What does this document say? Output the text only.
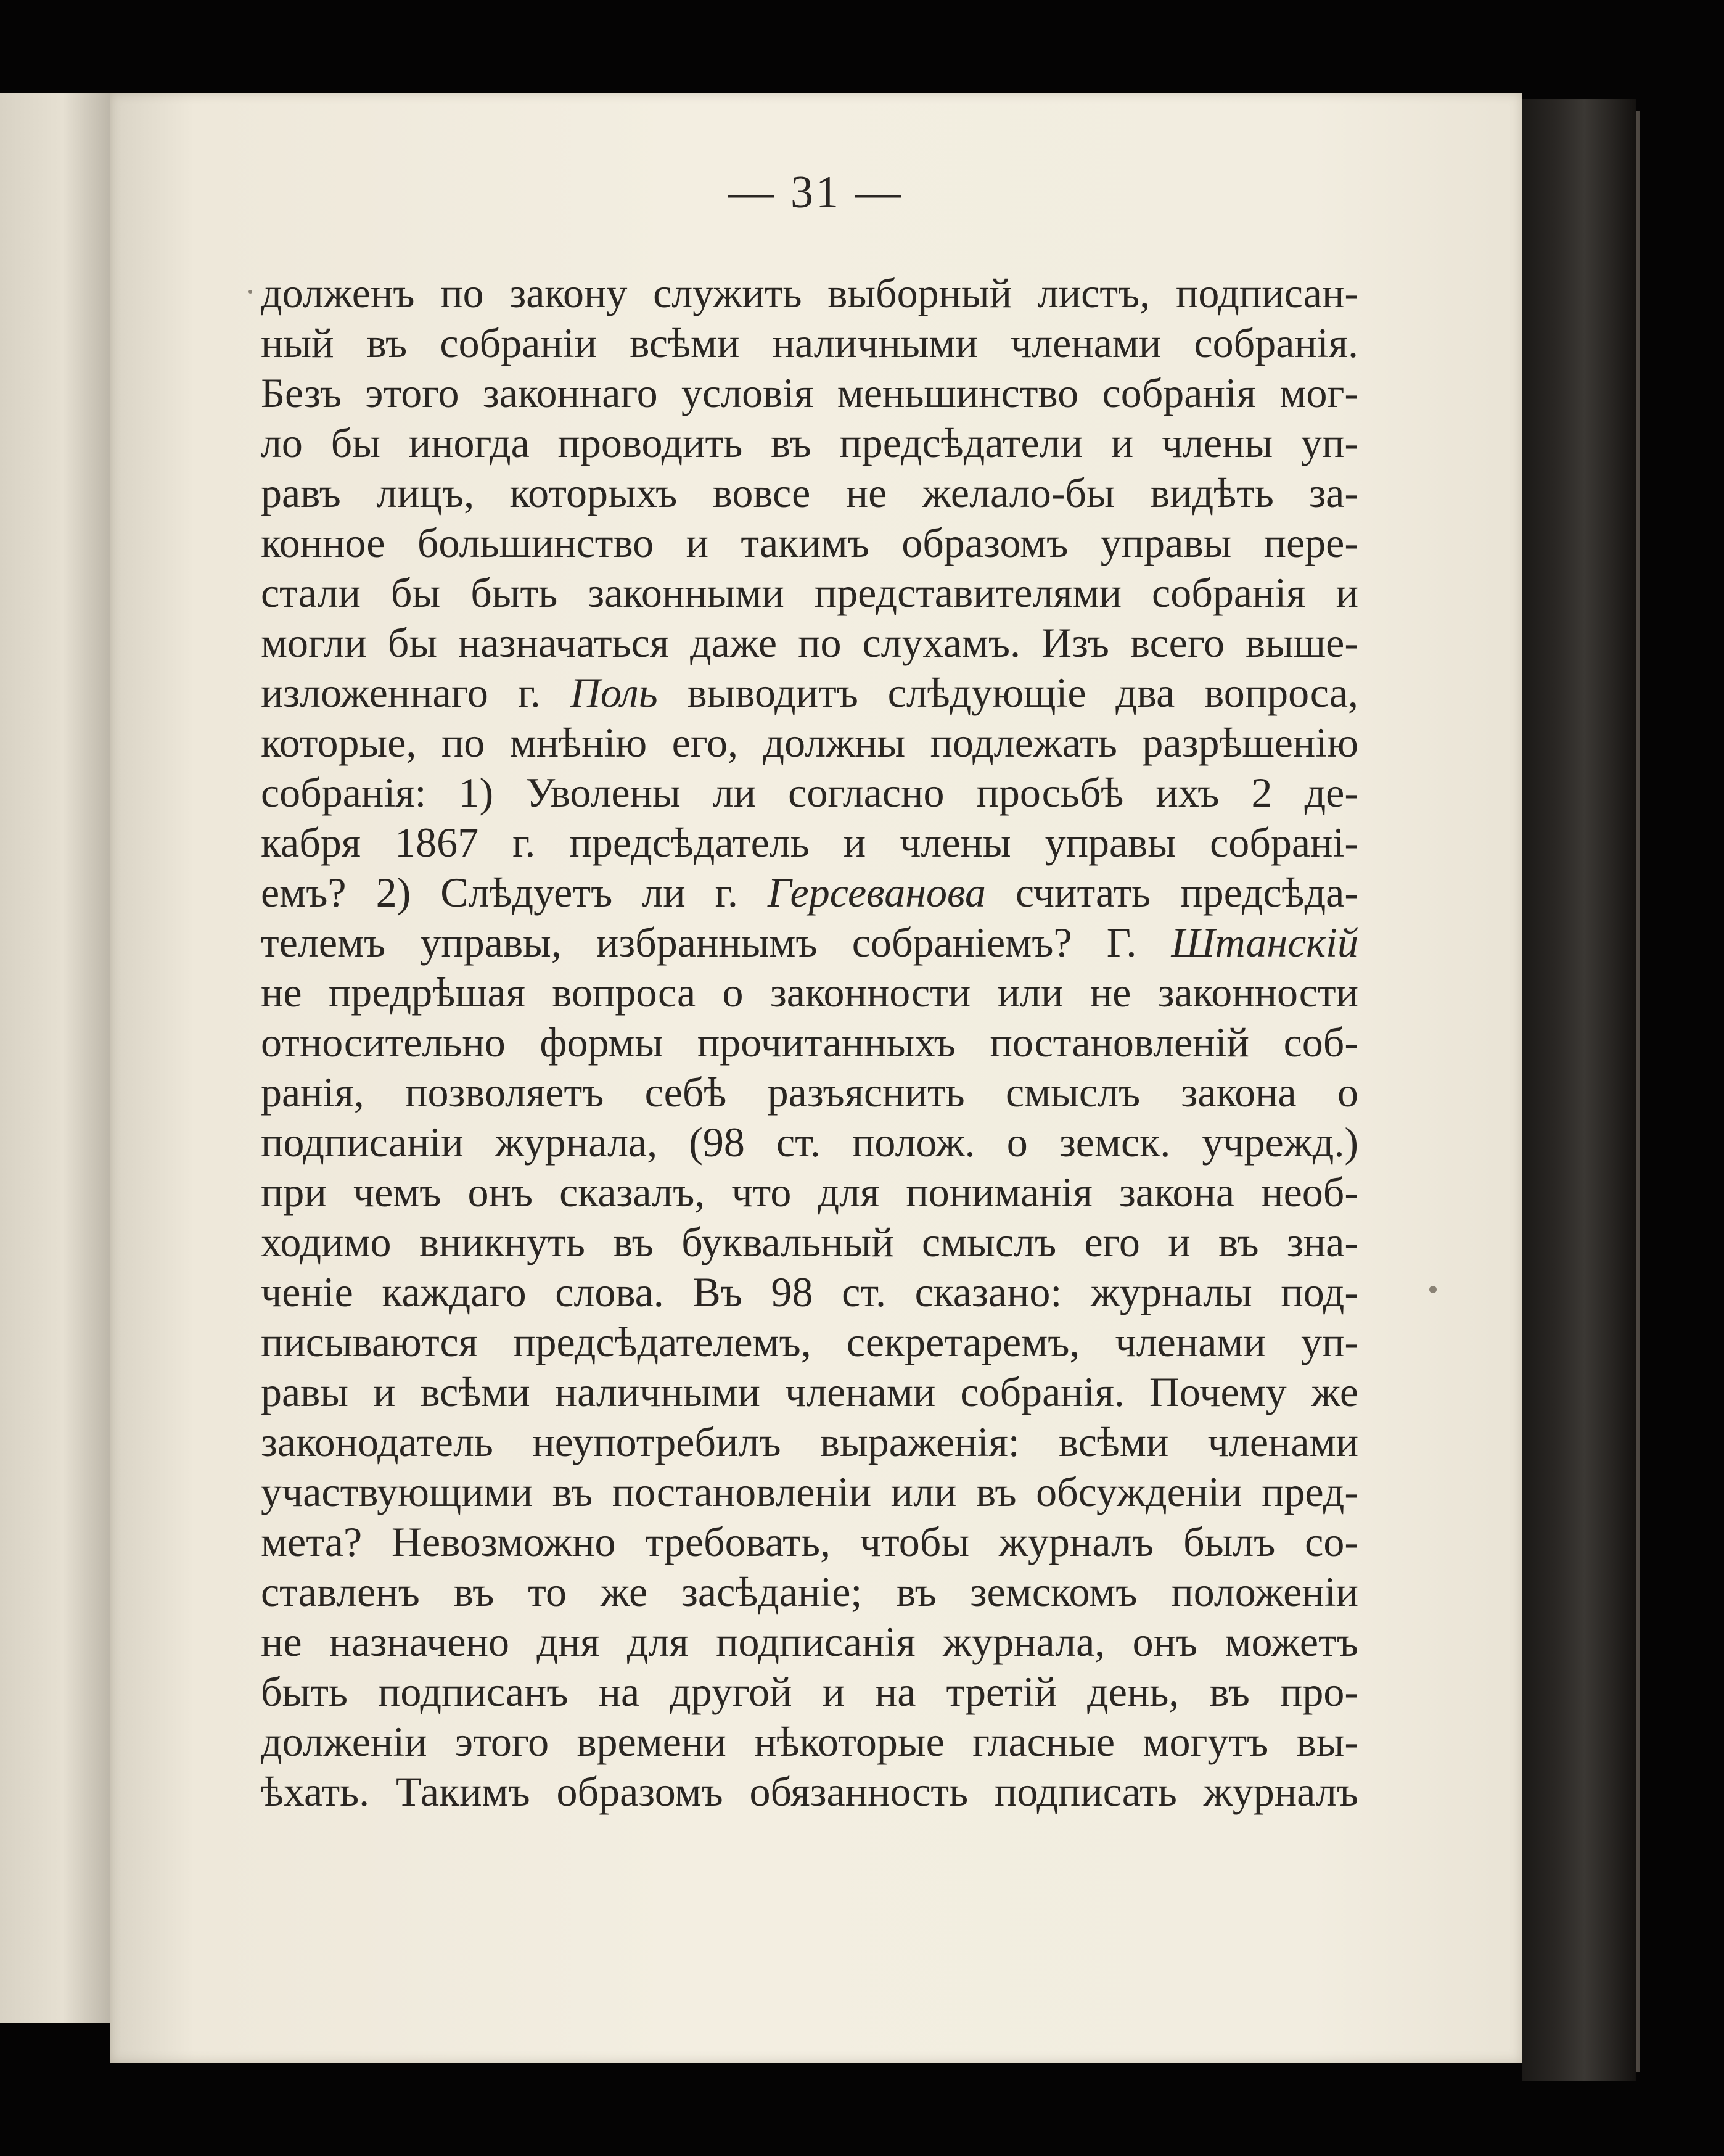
— 31 —
долженъ по закону служить выборный листъ, подписан-
ный въ собранiи всѣми наличными членами собранiя.
Безъ этого законнаго условiя меньшинство собранiя мог-
ло бы иногда проводить въ предсѣдатели и члены уп-
равъ лицъ, которыхъ вовсе не желало-бы видѣть за-
конное большинство и такимъ образомъ управы пере-
стали бы быть законными представителями собранiя и
могли бы назначаться даже по слухамъ. Изъ всего выше-
изложеннаго г. Поль выводитъ слѣдующiе два вопроса,
которые, по мнѣнiю его, должны подлежать разрѣшенiю
собранiя: 1) Уволены ли согласно просьбѣ ихъ 2 де-
кабря 1867 г. предсѣдатель и члены управы собранi-
емъ? 2) Слѣдуетъ ли г. Герсеванова считать предсѣда-
телемъ управы, избраннымъ собранiемъ? Г. Штанскiй
не предрѣшая вопроса о законности или не законности
относительно формы прочитанныхъ постановленiй соб-
ранiя, позволяетъ себѣ разъяснить смыслъ закона о
подписанiи журнала, (98 ст. полож. о земск. учрежд.)
при чемъ онъ сказалъ, что для пониманiя закона необ-
ходимо вникнуть въ буквальный смыслъ его и въ зна-
ченiе каждаго слова. Въ 98 ст. сказано: журналы под-
писываются предсѣдателемъ, секретаремъ, членами уп-
равы и всѣми наличными членами собранiя. Почему же
законодатель неупотребилъ выраженiя: всѣми членами
участвующими въ постановленiи или въ обсужденiи пред-
мета? Невозможно требовать, чтобы журналъ былъ со-
ставленъ въ то же засѣданiе; въ земскомъ положенiи
не назначено дня для подписанiя журнала, онъ можетъ
быть подписанъ на другой и на третiй день, въ про-
долженiи этого времени нѣкоторые гласные могутъ вы-
ѣхать. Такимъ образомъ обязанность подписать журналъ
